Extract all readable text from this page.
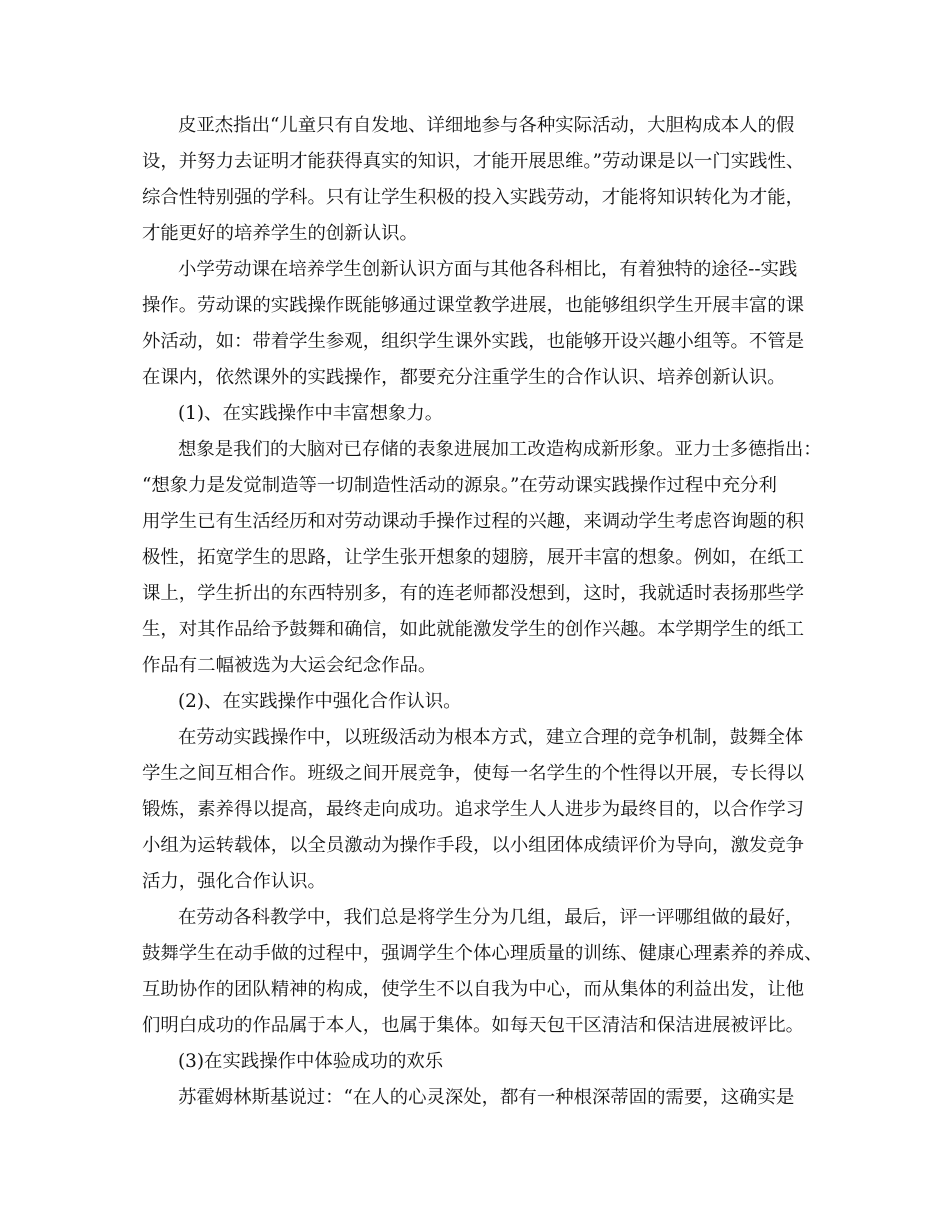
皮亚杰指出“儿童只有自发地、详细地参与各种实际活动，大胆构成本人的假
设，并努力去证明才能获得真实的知识，才能开展思维。”劳动课是以一门实践性、
综合性特别强的学科。只有让学生积极的投入实践劳动，才能将知识转化为才能，
才能更好的培养学生的创新认识。
小学劳动课在培养学生创新认识方面与其他各科相比，有着独特的途径--实践
操作。劳动课的实践操作既能够通过课堂教学进展，也能够组织学生开展丰富的课
外活动，如：带着学生参观，组织学生课外实践，也能够开设兴趣小组等。不管是
在课内，依然课外的实践操作，都要充分注重学生的合作认识、培养创新认识。
(1)、在实践操作中丰富想象力。
想象是我们的大脑对已存储的表象进展加工改造构成新形象。亚力士多德指出：
“想象力是发觉制造等一切制造性活动的源泉。”在劳动课实践操作过程中充分利
用学生已有生活经历和对劳动课动手操作过程的兴趣，来调动学生考虑咨询题的积
极性，拓宽学生的思路，让学生张开想象的翅膀，展开丰富的想象。例如，在纸工
课上，学生折出的东西特别多，有的连老师都没想到，这时，我就适时表扬那些学
生，对其作品给予鼓舞和确信，如此就能激发学生的创作兴趣。本学期学生的纸工
作品有二幅被选为大运会纪念作品。
(2)、在实践操作中强化合作认识。
在劳动实践操作中，以班级活动为根本方式，建立合理的竞争机制，鼓舞全体
学生之间互相合作。班级之间开展竞争，使每一名学生的个性得以开展，专长得以
锻炼，素养得以提高，最终走向成功。追求学生人人进步为最终目的，以合作学习
小组为运转载体，以全员激动为操作手段，以小组团体成绩评价为导向，激发竞争
活力，强化合作认识。
在劳动各科教学中，我们总是将学生分为几组，最后，评一评哪组做的最好，
鼓舞学生在动手做的过程中，强调学生个体心理质量的训练、健康心理素养的养成、
互助协作的团队精神的构成，使学生不以自我为中心，而从集体的利益出发，让他
们明白成功的作品属于本人，也属于集体。如每天包干区清洁和保洁进展被评比。
(3)在实践操作中体验成功的欢乐
苏霍姆林斯基说过：“在人的心灵深处，都有一种根深蒂固的需要，这确实是
